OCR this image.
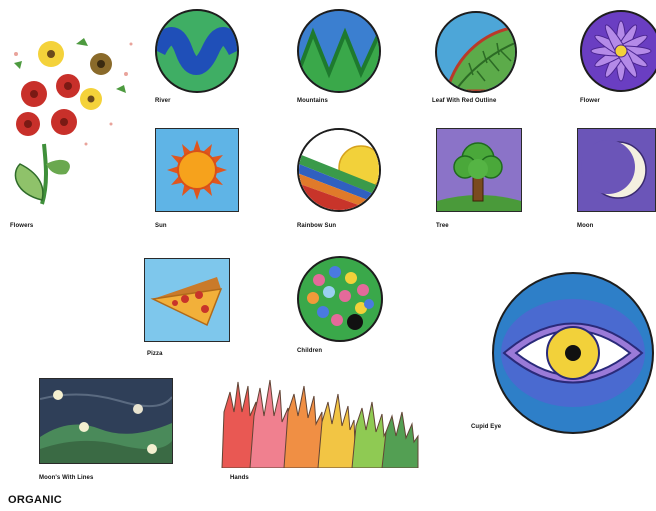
Flowers
River	Mountains	Leaf With Red Outline	Flower
Sun	Rainbow Sun	Tree	Moon
Pizza	Children
Cupid Eye
Moon's With Lines	Hands
ORGANIC
